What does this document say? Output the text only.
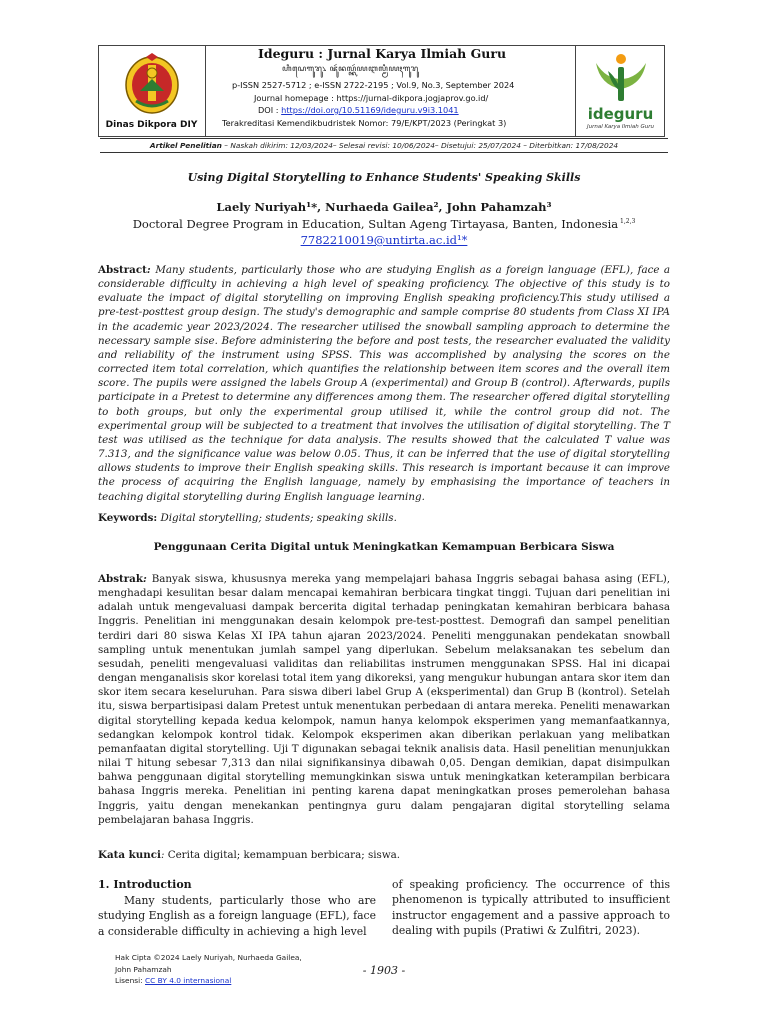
Dinas Dikpora DIY
Ideguru : Jurnal Karya Ilmiah Guru
ꦲꦶꦝꦺꦒꦸꦫꦸ꧈ ꦗꦸꦂꦤꦭ꧀ꦏꦂꦪꦆꦭ꧀ꦩꦶꦪꦃꦒꦸꦫꦸ
p-ISSN 2527-5712 ; e-ISSN 2722-2195 ; Vol.9, No.3, September 2024
Journal homepage : https://jurnal-dikpora.jogjaprov.go.id/
DOI : https://doi.org/10.51169/ideguru.v9i3.1041
Terakreditasi Kemendikbudristek Nomor: 79/E/KPT/2023 (Peringkat 3)	ideguru
Jurnal Karya Ilmiah Guru
Artikel Penelitian – Naskah dikirim: 12/03/2024– Selesai revisi: 10/06/2024– Disetujui: 25/07/2024 – Diterbitkan: 17/08/2024
Using Digital Storytelling to Enhance Students' Speaking Skills
Laely Nuriyah¹*, Nurhaeda Gailea², John Pahamzah³
Doctoral Degree Program in Education, Sultan Ageng Tirtayasa, Banten, Indonesia $^{1,2,3}$
7782210019@untirta.ac.id¹*
Abstract: Many students, particularly those who are studying English as a foreign language (EFL), face a considerable difficulty in achieving a high level of speaking proficiency. The objective of this study is to evaluate the impact of digital storytelling on improving English speaking proficiency.This study utilised a pre-test-posttest group design. The study's demographic and sample comprise 80 students from Class XI IPA in the academic year 2023/2024. The researcher utilised the snowball sampling approach to determine the necessary sample sise. Before administering the before and post tests, the researcher evaluated the validity and reliability of the instrument using SPSS. This was accomplished by analysing the scores on the corrected item total correlation, which quantifies the relationship between item scores and the overall item score. The pupils were assigned the labels Group A (experimental) and Group B (control). Afterwards, pupils participate in a Pretest to determine any differences among them. The researcher offered digital storytelling to both groups, but only the experimental group utilised it, while the control group did not. The experimental group will be subjected to a treatment that involves the utilisation of digital storytelling. The T test was utilised as the technique for data analysis. The results showed that the calculated T value was 7.313, and the significance value was below 0.05. Thus, it can be inferred that the use of digital storytelling allows students to improve their English speaking skills. This research is important because it can improve the process of acquiring the English language, namely by emphasising the importance of teachers in teaching digital storytelling during English language learning.
Keywords: Digital storytelling; students; speaking skills.
Penggunaan Cerita Digital untuk Meningkatkan Kemampuan Berbicara Siswa
Abstrak: Banyak siswa, khususnya mereka yang mempelajari bahasa Inggris sebagai bahasa asing (EFL), menghadapi kesulitan besar dalam mencapai kemahiran berbicara tingkat tinggi. Tujuan dari penelitian ini adalah untuk mengevaluasi dampak bercerita digital terhadap peningkatan kemahiran berbicara bahasa Inggris. Penelitian ini menggunakan desain kelompok pre-test-posttest. Demografi dan sampel penelitian terdiri dari 80 siswa Kelas XI IPA tahun ajaran 2023/2024. Peneliti menggunakan pendekatan snowball sampling untuk menentukan jumlah sampel yang diperlukan. Sebelum melaksanakan tes sebelum dan sesudah, peneliti mengevaluasi validitas dan reliabilitas instrumen menggunakan SPSS. Hal ini dicapai dengan menganalisis skor korelasi total item yang dikoreksi, yang mengukur hubungan antara skor item dan skor item secara keseluruhan. Para siswa diberi label Grup A (eksperimental) dan Grup B (kontrol). Setelah itu, siswa berpartisipasi dalam Pretest untuk menentukan perbedaan di antara mereka. Peneliti menawarkan digital storytelling kepada kedua kelompok, namun hanya kelompok eksperimen yang memanfaatkannya, sedangkan kelompok kontrol tidak. Kelompok eksperimen akan diberikan perlakuan yang melibatkan pemanfaatan digital storytelling. Uji T digunakan sebagai teknik analisis data. Hasil penelitian menunjukkan nilai T hitung sebesar 7,313 dan nilai signifikansinya dibawah 0,05. Dengan demikian, dapat disimpulkan bahwa penggunaan digital storytelling memungkinkan siswa untuk meningkatkan keterampilan berbicara bahasa Inggris mereka. Penelitian ini penting karena dapat meningkatkan proses pemerolehan bahasa Inggris, yaitu dengan menekankan pentingnya guru dalam pengajaran digital storytelling selama pembelajaran bahasa Inggris.
Kata kunci: Cerita digital; kemampuan berbicara; siswa.
1. Introduction

Many students, particularly those who are studying English as a foreign language (EFL), face a considerable difficulty in achieving a high level

of speaking proficiency. The occurrence of this phenomenon is typically attributed to insufficient instructor engagement and a passive approach to dealing with pupils (Pratiwi & Zulfitri, 2023).

Hak Cipta ©2024 Laely Nuriyah, Nurhaeda Gailea,
John Pahamzah
Lisensi: CC BY 4.0 internasional
- 1903 -
